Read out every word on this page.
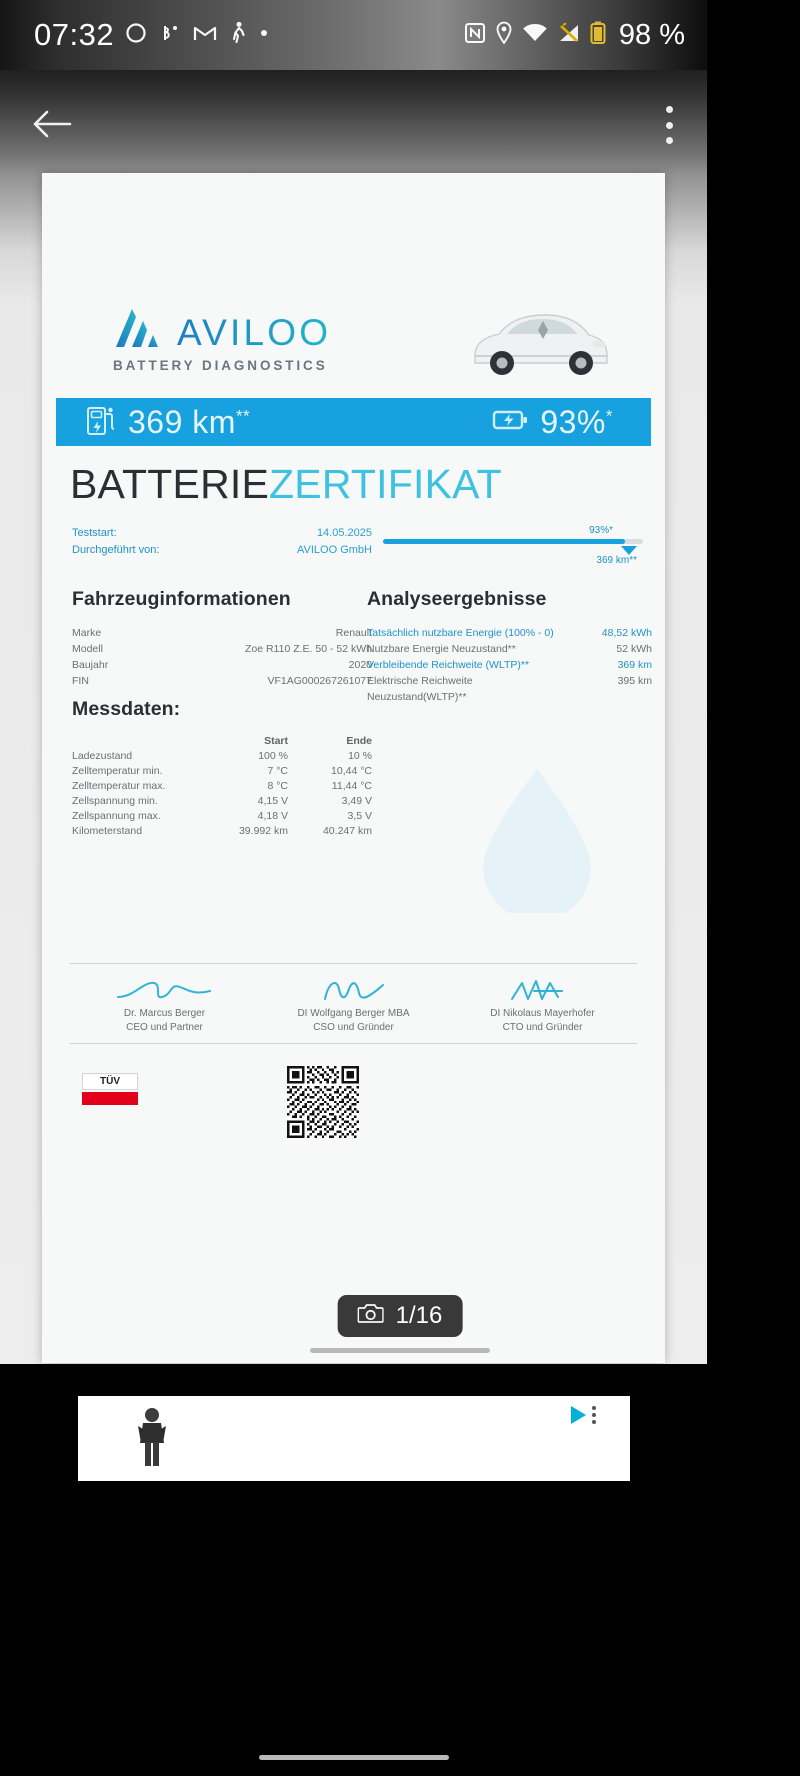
07:32	98 %
AVILOO
BATTERY DIAGNOSTICS
369 km**	93%*
BATTERIEZERTIFIKAT
Teststart:	14.05.2025
Durchgeführt von:	AVILOO GmbH
93%*
369 km**
Fahrzeuginformationen
Marke	Renault
Modell	Zoe R110 Z.E. 50 - 52 kWh
Baujahr	2020
FIN	VF1AG000267261077
Analyseergebnisse
Tatsächlich nutzbare Energie (100% - 0)	48,52 kWh
Nutzbare Energie Neuzustand**	52 kWh
Verbleibende Reichweite (WLTP)**	369 km
Elektrische Reichweite	395 km
Neuzustand(WLTP)**
Messdaten:
	Start	Ende
Ladezustand	100 %	10 %
Zelltemperatur min.	7 °C	10,44 °C
Zelltemperatur max.	8 °C	11,44 °C
Zellspannung min.	4,15 V	3,49 V
Zellspannung max.	4,18 V	3,5 V
Kilometerstand	39.992 km	40.247 km
Dr. Marcus Berger
CEO und Partner
DI Wolfgang Berger MBA
CSO und Gründer
DI Nikolaus Mayerhofer
CTO und Gründer
TÜV
1/16
